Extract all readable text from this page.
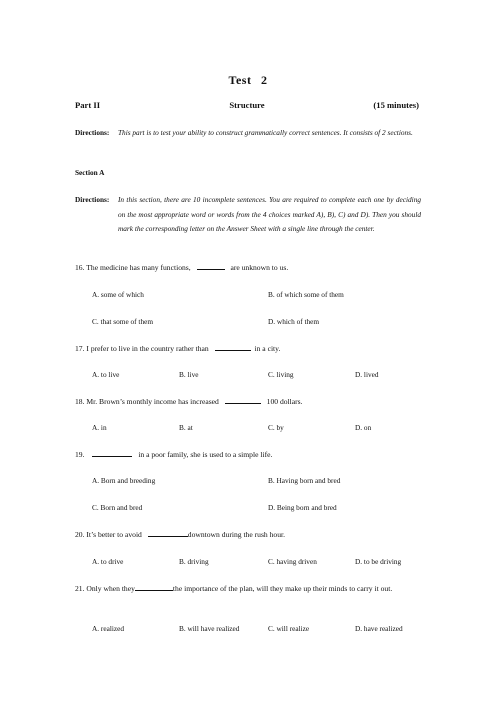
Test 2
Part II	Structure	(15 minutes)
Directions: This part is to test your ability to construct grammatically correct sentences. It consists of 2 sections.
Section A
Directions: In this section, there are 10 incomplete sentences. You are required to complete each one by deciding on the most appropriate word or words from the 4 choices marked A), B), C) and D). Then you should mark the corresponding letter on the Answer Sheet with a single line through the center.
16. The medicine has many functions,	are unknown to us.
A. some of which	B. of which some of them
C. that some of them	D. which of them
17. I prefer to live in the country rather than	in a city.
A. to live	B. live	C. living	D. lived
18. Mr. Brown’s monthly income has increased	100 dollars.
A. in	B. at	C. by	D. on
19.	in a poor family, she is used to a simple life.
A. Born and breeding	B. Having born and bred
C. Born and bred	D. Being born and bred
20. It’s better to avoid	downtown during the rush hour.
A. to drive	B. driving	C. having driven	D. to be driving
21. Only when they	the importance of the plan, will they make up their minds to carry it out.
A. realized	B. will have realized	C. will realize	D. have realized
